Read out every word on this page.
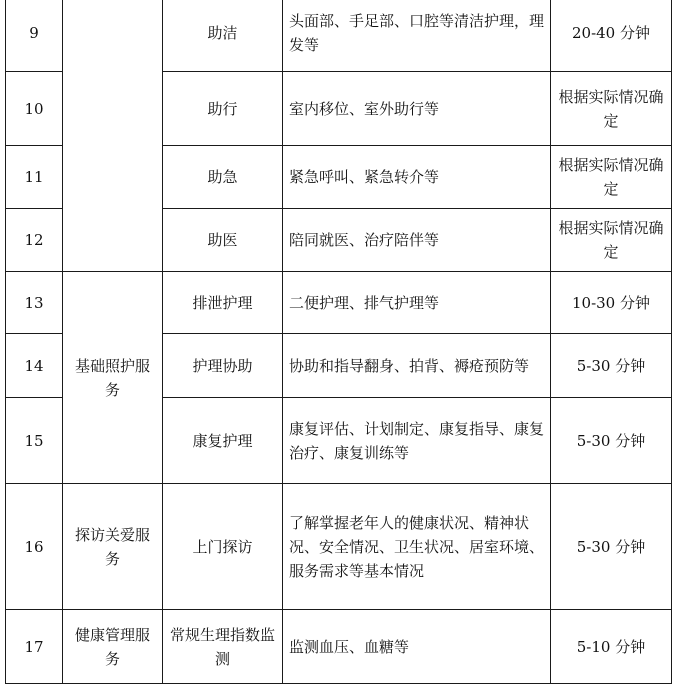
9		助洁	头面部、手足部、口腔等清洁护理，理发等	20-40 分钟
10		助行	室内移位、室外助行等	根据实际情况确定
11		助急	紧急呼叫、紧急转介等	根据实际情况确定
12		助医	陪同就医、治疗陪伴等	根据实际情况确定
13	基础照护服务	排泄护理	二便护理、排气护理等	10-30 分钟
14		护理协助	协助和指导翻身、拍背、褥疮预防等	5-30 分钟
15		康复护理	康复评估、计划制定、康复指导、康复治疗、康复训练等	5-30 分钟
16	探访关爱服务	上门探访	了解掌握老年人的健康状况、精神状况、安全情况、卫生状况、居室环境、服务需求等基本情况	5-30 分钟
17	健康管理服务	常规生理指数监测	监测血压、血糖等	5-10 分钟
